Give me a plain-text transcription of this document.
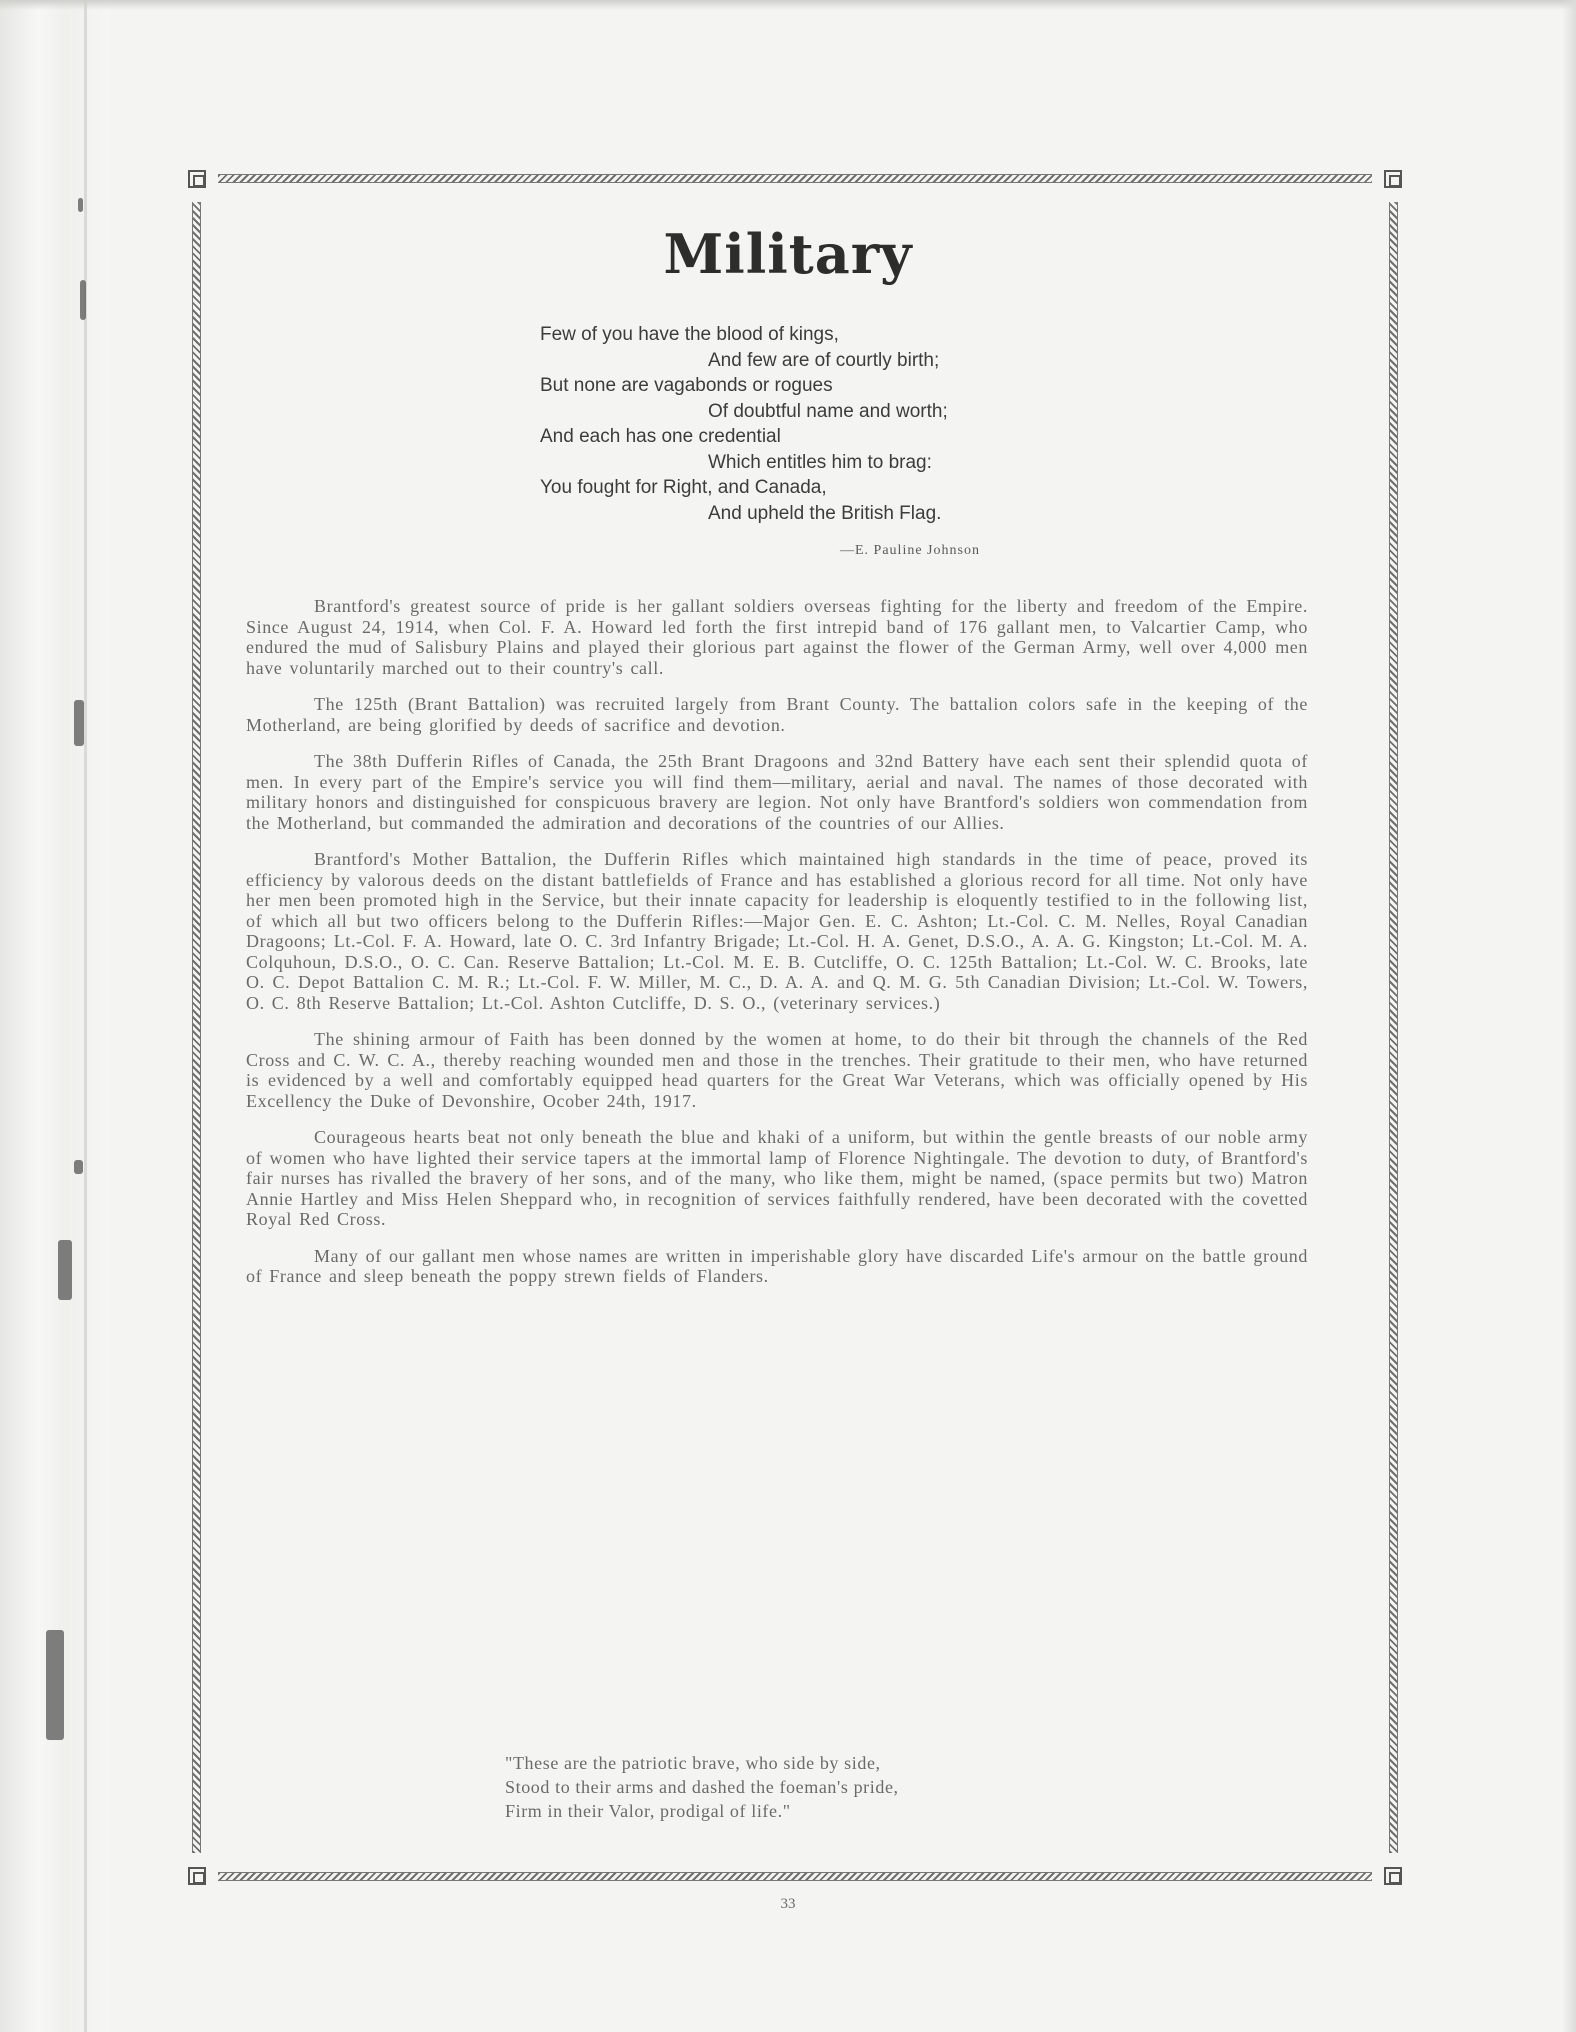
Military
Few of you have the blood of kings,
And few are of courtly birth;
But none are vagabonds or rogues
Of doubtful name and worth;
And each has one credential
Which entitles him to brag:
You fought for Right, and Canada,
And upheld the British Flag.
—E. Pauline Johnson

Brantford's greatest source of pride is her gallant soldiers overseas fighting for the liberty and freedom of the Empire. Since August 24, 1914, when Col. F. A. Howard led forth the first intrepid band of 176 gallant men, to Valcartier Camp, who endured the mud of Salisbury Plains and played their glorious part against the flower of the German Army, well over 4,000 men have voluntarily marched out to their country's call.

The 125th (Brant Battalion) was recruited largely from Brant County. The battalion colors safe in the keeping of the Motherland, are being glorified by deeds of sacrifice and devotion.

The 38th Dufferin Rifles of Canada, the 25th Brant Dragoons and 32nd Battery have each sent their splendid quota of men. In every part of the Empire's service you will find them—military, aerial and naval. The names of those decorated with military honors and distinguished for conspicuous bravery are legion. Not only have Brantford's soldiers won commendation from the Motherland, but commanded the admiration and decorations of the countries of our Allies.

Brantford's Mother Battalion, the Dufferin Rifles which maintained high standards in the time of peace, proved its efficiency by valorous deeds on the distant battlefields of France and has established a glorious record for all time. Not only have her men been promoted high in the Service, but their innate capacity for leadership is eloquently testified to in the following list, of which all but two officers belong to the Dufferin Rifles:—Major Gen. E. C. Ashton; Lt.-Col. C. M. Nelles, Royal Canadian Dragoons; Lt.-Col. F. A. Howard, late O. C. 3rd Infantry Brigade; Lt.-Col. H. A. Genet, D.S.O., A. A. G. Kingston; Lt.-Col. M. A. Colquhoun, D.S.O., O. C. Can. Reserve Battalion; Lt.-Col. M. E. B. Cutcliffe, O. C. 125th Battalion; Lt.-Col. W. C. Brooks, late O. C. Depot Battalion C. M. R.; Lt.-Col. F. W. Miller, M. C., D. A. A. and Q. M. G. 5th Canadian Division; Lt.-Col. W. Towers, O. C. 8th Reserve Battalion; Lt.-Col. Ashton Cutcliffe, D. S. O., (veterinary services.)

The shining armour of Faith has been donned by the women at home, to do their bit through the channels of the Red Cross and C. W. C. A., thereby reaching wounded men and those in the trenches. Their gratitude to their men, who have returned is evidenced by a well and comfortably equipped head quarters for the Great War Veterans, which was officially opened by His Excellency the Duke of Devonshire, Ocober 24th, 1917.

Courageous hearts beat not only beneath the blue and khaki of a uniform, but within the gentle breasts of our noble army of women who have lighted their service tapers at the immortal lamp of Florence Nightingale. The devotion to duty, of Brantford's fair nurses has rivalled the bravery of her sons, and of the many, who like them, might be named, (space permits but two) Matron Annie Hartley and Miss Helen Sheppard who, in recognition of services faithfully rendered, have been decorated with the covetted Royal Red Cross.

Many of our gallant men whose names are written in imperishable glory have discarded Life's armour on the battle ground of France and sleep beneath the poppy strewn fields of Flanders.

"These are the patriotic brave, who side by side,
Stood to their arms and dashed the foeman's pride,
Firm in their Valor, prodigal of life."
33
